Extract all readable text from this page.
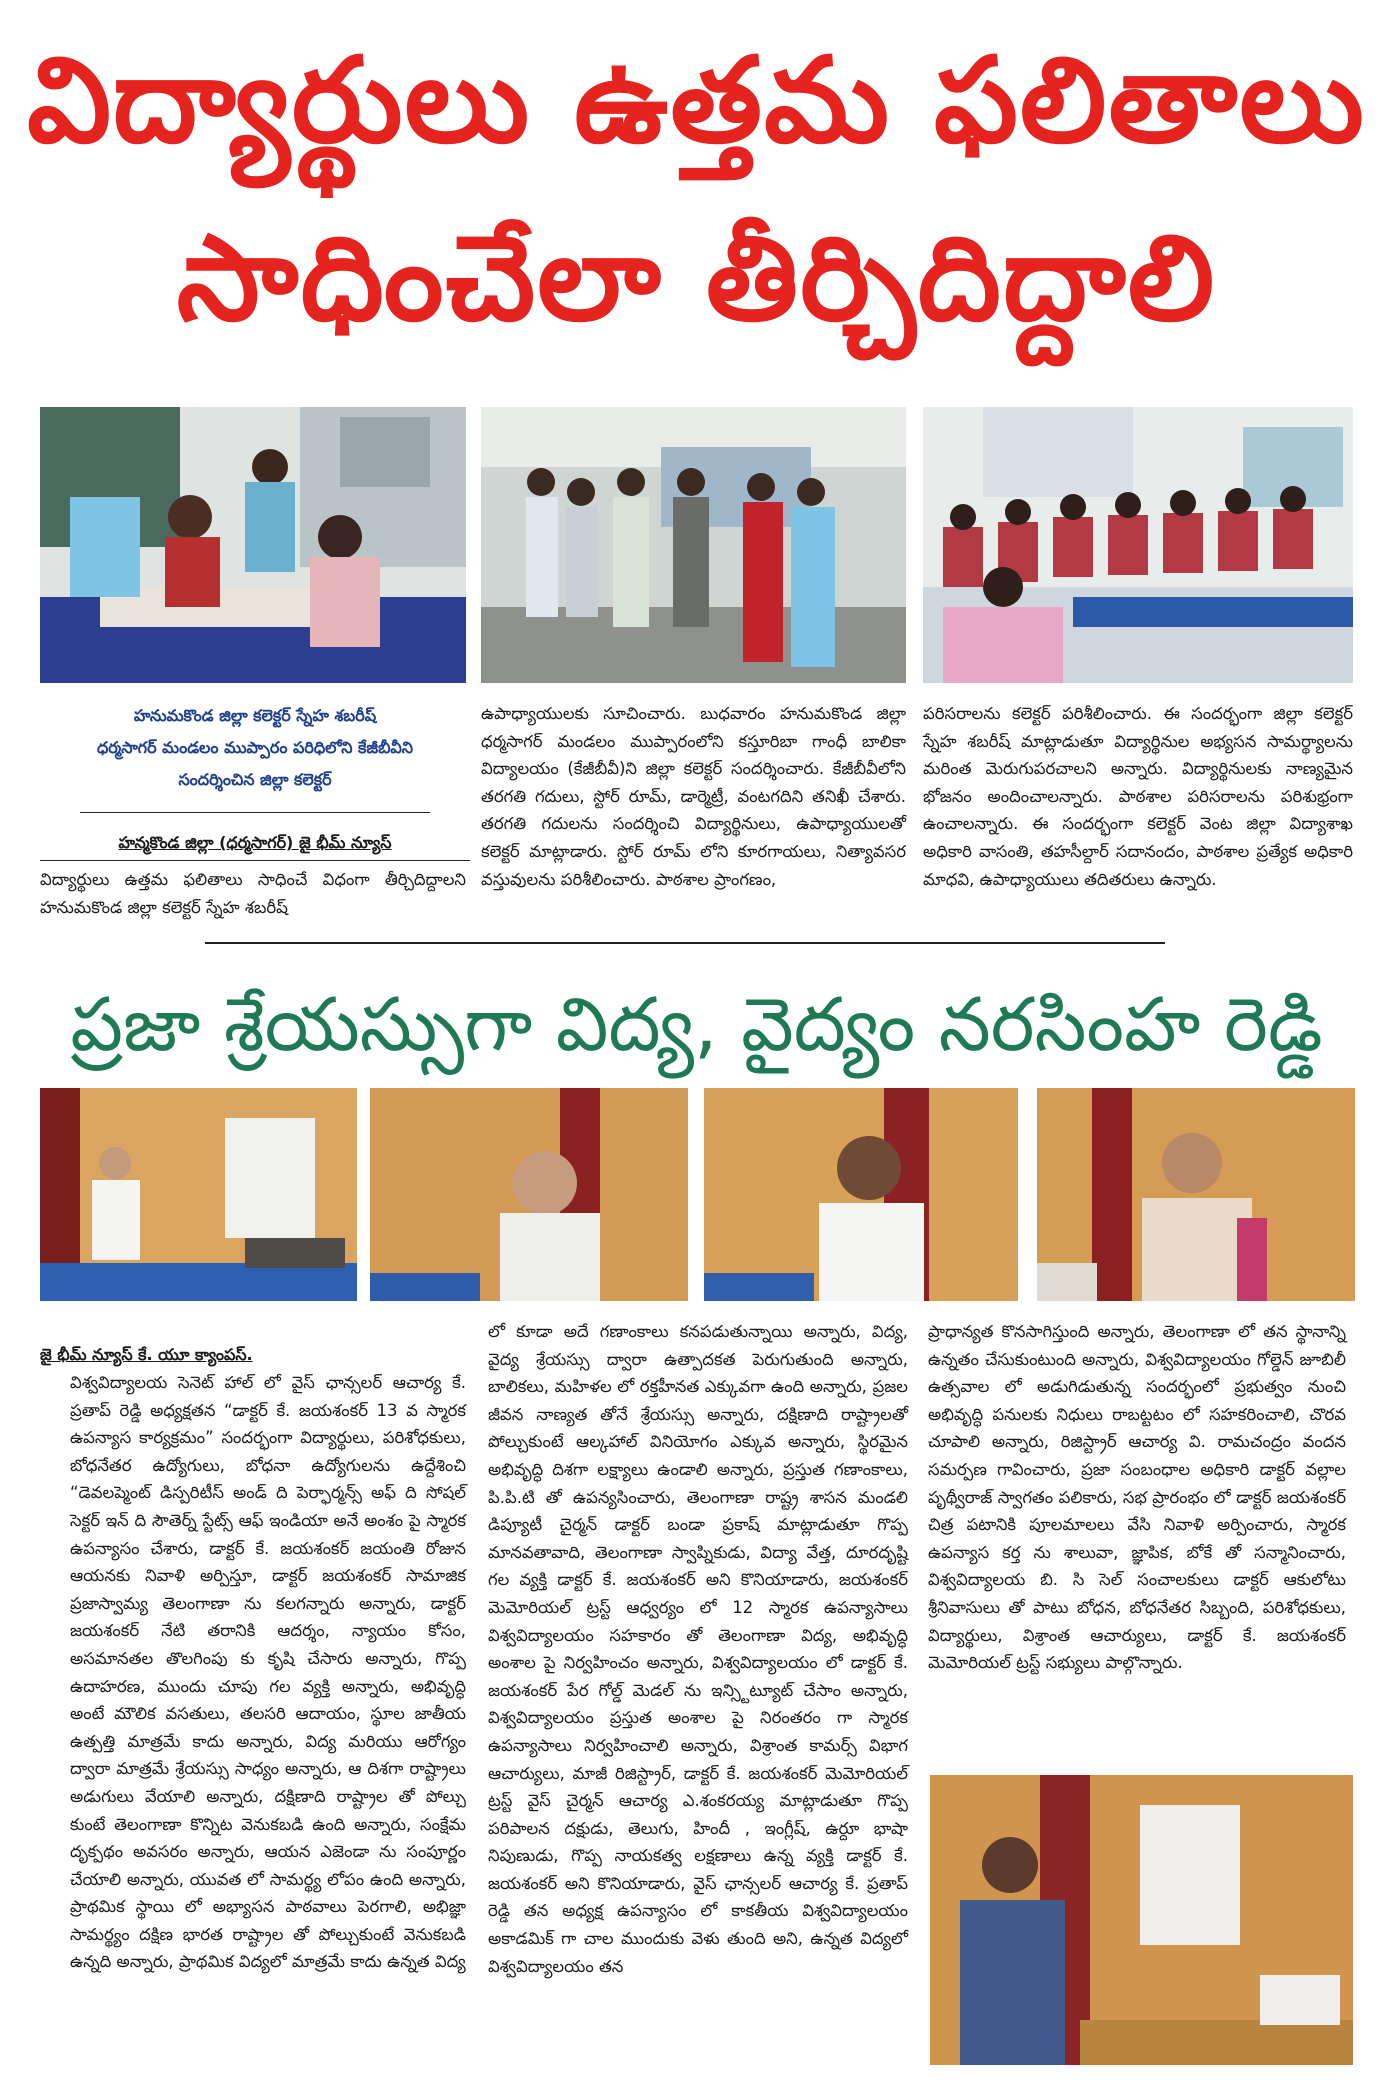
విద్యార్థులు ఉత్తమ ఫలితాలు
సాధించేలా తీర్చిదిద్దాలి
హనుమకొండ జిల్లా కలెక్టర్ స్నేహ శబరీష్
ధర్మసాగర్ మండలం ముప్పారం పరిధిలోని కేజీబీవీని
సందర్శించిన జిల్లా కలెక్టర్
హన్మకొండ జిల్లా (ధర్మసాగర్) జై భీమ్ న్యూస్
విద్యార్థులు ఉత్తమ ఫలితాలు సాధించే విధంగా తీర్చిదిద్దాలని హనుమకొండ జిల్లా కలెక్టర్ స్నేహ శబరీష్
ఉపాధ్యాయులకు సూచించారు. బుధవారం హనుమకొండ జిల్లా ధర్మసాగర్ మండలం ముప్పారంలోని కస్తూరిబా గాంధీ బాలికా విద్యాలయం (కేజీబీవీ)ని జిల్లా కలెక్టర్ సందర్శించారు. కేజీబీవీలోని తరగతి గదులు, స్టోర్ రూమ్, డార్మెట్రీ, వంటగదిని తనిఖీ చేశారు. తరగతి గదులను సందర్శించి విద్యార్థినులు, ఉపాధ్యాయులతో కలెక్టర్ మాట్లాడారు. స్టోర్ రూమ్ లోని కూరగాయలు, నిత్యావసర వస్తువులను పరిశీలించారు. పాఠశాల ప్రాంగణం,
పరిసరాలను కలెక్టర్ పరిశీలించారు. ఈ సందర్భంగా జిల్లా కలెక్టర్ స్నేహ శబరీష్ మాట్లాడుతూ విద్యార్థినుల అభ్యసన సామర్థ్యాలను మరింత మెరుగుపరచాలని అన్నారు. విద్యార్థినులకు నాణ్యమైన భోజనం అందించాలన్నారు. పాఠశాల పరిసరాలను పరిశుభ్రంగా ఉంచాలన్నారు. ఈ సందర్భంగా కలెక్టర్ వెంట జిల్లా విద్యాశాఖ అధికారి వాసంతి, తహసీల్దార్ సదానందం, పాఠశాల ప్రత్యేక అధికారి మాధవి, ఉపాధ్యాయులు తదితరులు ఉన్నారు.
ప్రజా శ్రేయస్సుగా విద్య, వైద్యం నరసింహ రెడ్డి
జై భీమ్ న్యూస్ కే. యూ క్యాంపస్.
విశ్వవిద్యాలయ సెనెట్ హాల్ లో వైస్ ఛాన్సలర్ ఆచార్య కే. ప్రతాప్ రెడ్డి అధ్యక్షతన “డాక్టర్ కే. జయశంకర్ 13 వ స్మారక ఉపన్యాస కార్యక్రమం” సందర్భంగా విద్యార్థులు, పరిశోధకులు, బోధనేతర ఉద్యోగులు, బోధనా ఉద్యోగులను ఉద్దేశించి “డెవలప్మెంట్ డిస్పరిటీస్ అండ్ ది పెర్ఫార్మన్స్ అఫ్ ది సోషల్ సెక్టర్ ఇన్ ది సౌతెర్న్ స్టేట్స్ ఆఫ్ ఇండియా అనే అంశం పై స్మారక ఉపన్యాసం చేశారు, డాక్టర్ కే. జయశంకర్ జయంతి రోజున ఆయనకు నివాళి అర్పిస్తూ, డాక్టర్ జయశంకర్ సామాజిక ప్రజాస్వామ్య తెలంగాణా ను కలగన్నారు అన్నారు, డాక్టర్ జయశంకర్ నేటి తరానికి ఆదర్శం, న్యాయం కోసం, అసమానతల తొలగింపు కు కృషి చేసారు అన్నారు, గొప్ప ఉదాహరణ, ముందు చూపు గల వ్యక్తి అన్నారు, అభివృద్ధి అంటే మౌలిక వసతులు, తలసరి ఆదాయం, స్థూల జాతీయ ఉత్పత్తి మాత్రమే కాదు అన్నారు, విద్య మరియు ఆరోగ్యం ద్వారా మాత్రమే శ్రేయస్సు సాధ్యం అన్నారు, ఆ దిశగా రాష్ట్రాలు అడుగులు వేయాలి అన్నారు, దక్షిణాది రాష్ట్రాల తో పోల్చు కుంటే తెలంగాణా కొన్నిట వెనుకబడి ఉంది అన్నారు, సంక్షేమ దృక్పథం అవసరం అన్నారు, ఆయన ఎజెండా ను సంపూర్ణం చేయాలి అన్నారు, యువత లో సామర్థ్య లోపం ఉంది అన్నారు, ప్రాథమిక స్థాయి లో అభ్యాసన పాఠవాలు పెరగాలి, అభిజ్ఞా సామర్థ్యం దక్షిణ భారత రాష్ట్రాల తో పోల్చుకుంటే వెనుకబడి ఉన్నది అన్నారు, ప్రాథమిక విద్యలో మాత్రమే కాదు ఉన్నత విద్య
లో కూడా అదే గణాంకాలు కనపడుతున్నాయి అన్నారు, విద్య, వైద్య శ్రేయస్సు ద్వారా ఉత్పాదకత పెరుగుతుంది అన్నారు, బాలికలు, మహిళల లో రక్తహీనత ఎక్కువగా ఉంది అన్నారు, ప్రజల జీవన నాణ్యత తోనే శ్రేయస్సు అన్నారు, దక్షిణాది రాష్ట్రాలతో పోల్చుకుంటే ఆల్కహాల్ వినియోగం ఎక్కువ అన్నారు, స్థిరమైన అభివృద్ధి దిశగా లక్ష్యాలు ఉండాలి అన్నారు, ప్రస్తుత గణాంకాలు, పి.పి.టి తో ఉపన్యసించారు, తెలంగాణా రాష్ట్ర శాసన మండలి డిప్యూటీ చైర్మన్ డాక్టర్ బండా ప్రకాష్ మాట్లాడుతూ గొప్ప మానవతావాది, తెలంగాణా స్వాప్నికుడు, విద్యా వేత్త, దూరదృష్టి గల వ్యక్తి డాక్టర్ కే. జయశంకర్ అని కొనియాడారు, జయశంకర్ మెమోరియల్ ట్రస్ట్ ఆధ్వర్యం లో 12 స్మారక ఉపన్యాసాలు విశ్వవిద్యాలయం సహకారం తో తెలంగాణా విద్య, అభివృద్ధి అంశాల పై నిర్వహించం అన్నారు, విశ్వవిద్యాలయం లో డాక్టర్ కే. జయశంకర్ పేర గోల్డ్ మెడల్ ను ఇన్స్టిట్యూట్ చేసాం అన్నారు, విశ్వవిద్యాలయం ప్రస్తుత అంశాల పై నిరంతరం గా స్మారక ఉపన్యాసాలు నిర్వహించాలి అన్నారు, విశ్రాంత కామర్స్ విభాగ ఆచార్యులు, మాజీ రిజిస్ట్రార్, డాక్టర్ కే. జయశంకర్ మెమోరియల్ ట్రస్ట్ వైస్ చైర్మన్ ఆచార్య ఎ.శంకరయ్య మాట్లాడుతూ గొప్ప పరిపాలన దక్షుడు, తెలుగు, హిందీ , ఇంగ్లీష్, ఉర్దూ భాషా నిపుణుడు, గొప్ప నాయకత్వ లక్షణాలు ఉన్న వ్యక్తి డాక్టర్ కే. జయశంకర్ అని కొనియాడారు, వైస్ ఛాన్సలర్ ఆచార్య కే. ప్రతాప్ రెడ్డి తన అధ్యక్ష ఉపన్యాసం లో కాకతీయ విశ్వవిద్యాలయం అకాడమిక్ గా చాల ముందుకు వెళు తుంది అని, ఉన్నత విద్యలో విశ్వవిద్యాలయం తన
ప్రాధాన్యత కొనసాగిస్తుంది అన్నారు, తెలంగాణా లో తన స్థానాన్ని ఉన్నతం చేసుకుంటుంది అన్నారు, విశ్వవిద్యాలయం గోల్డెన్ జూబిలీ ఉత్సవాల లో అడుగిడుతున్న సందర్భంలో ప్రభుత్వం నుంచి అభివృద్ధి పనులకు నిధులు రాబట్టటం లో సహకరించాలి, చొరవ చూపాలి అన్నారు, రిజిస్ట్రార్ ఆచార్య వి. రామచంద్రం వందన సమర్పణ గావించారు, ప్రజా సంబంధాల అధికారి డాక్టర్ వల్లాల పృథ్వీరాజ్ స్వాగతం పలికారు, సభ ప్రారంభం లో డాక్టర్ జయశంకర్ చిత్ర పటానికి పూలమాలలు వేసి నివాళి అర్పించారు, స్మారక ఉపన్యాస కర్త ను శాలువా, జ్ఞాపిక, బోకే తో సన్మానించారు, విశ్వవిద్యాలయ బి. సి సెల్ సంచాలకులు డాక్టర్ ఆకులోటు శ్రీనివాసులు తో పాటు బోధన, బోధనేతర సిబ్బంది, పరిశోధకులు, విద్యార్థులు, విశ్రాంత ఆచార్యులు, డాక్టర్ కే. జయశంకర్ మెమోరియల్ ట్రస్ట్ సభ్యులు పాల్గొన్నారు.
